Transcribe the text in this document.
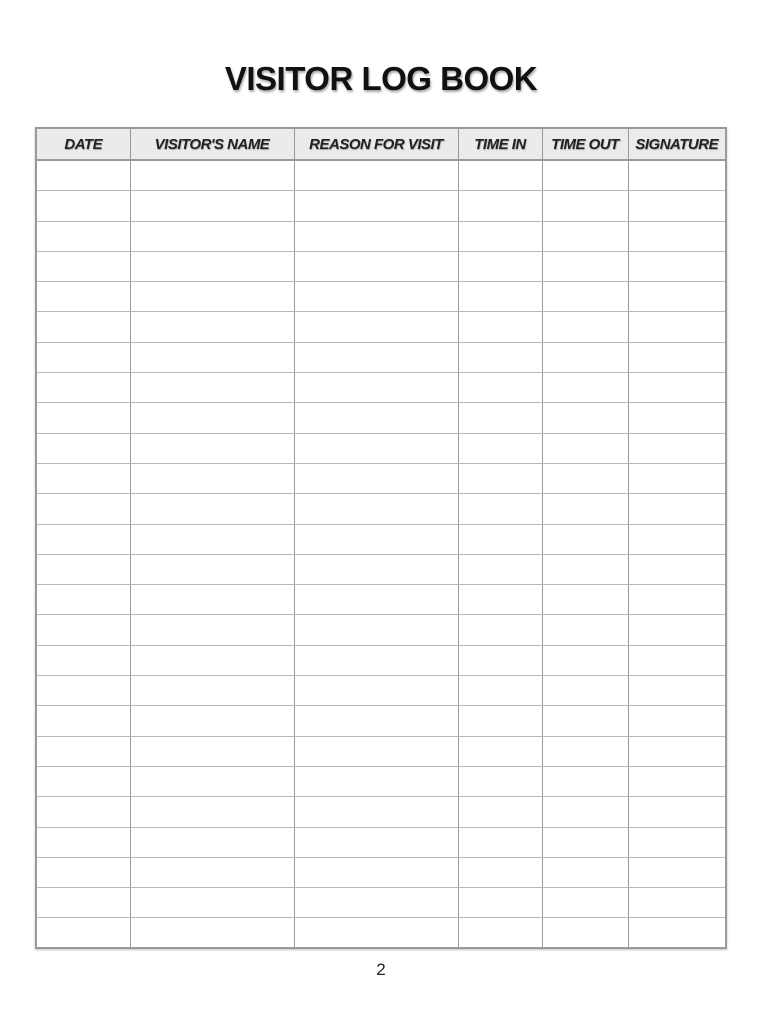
VISITOR LOG BOOK
DATE	VISITOR'S NAME	REASON FOR VISIT	TIME IN	TIME OUT	SIGNATURE

2
